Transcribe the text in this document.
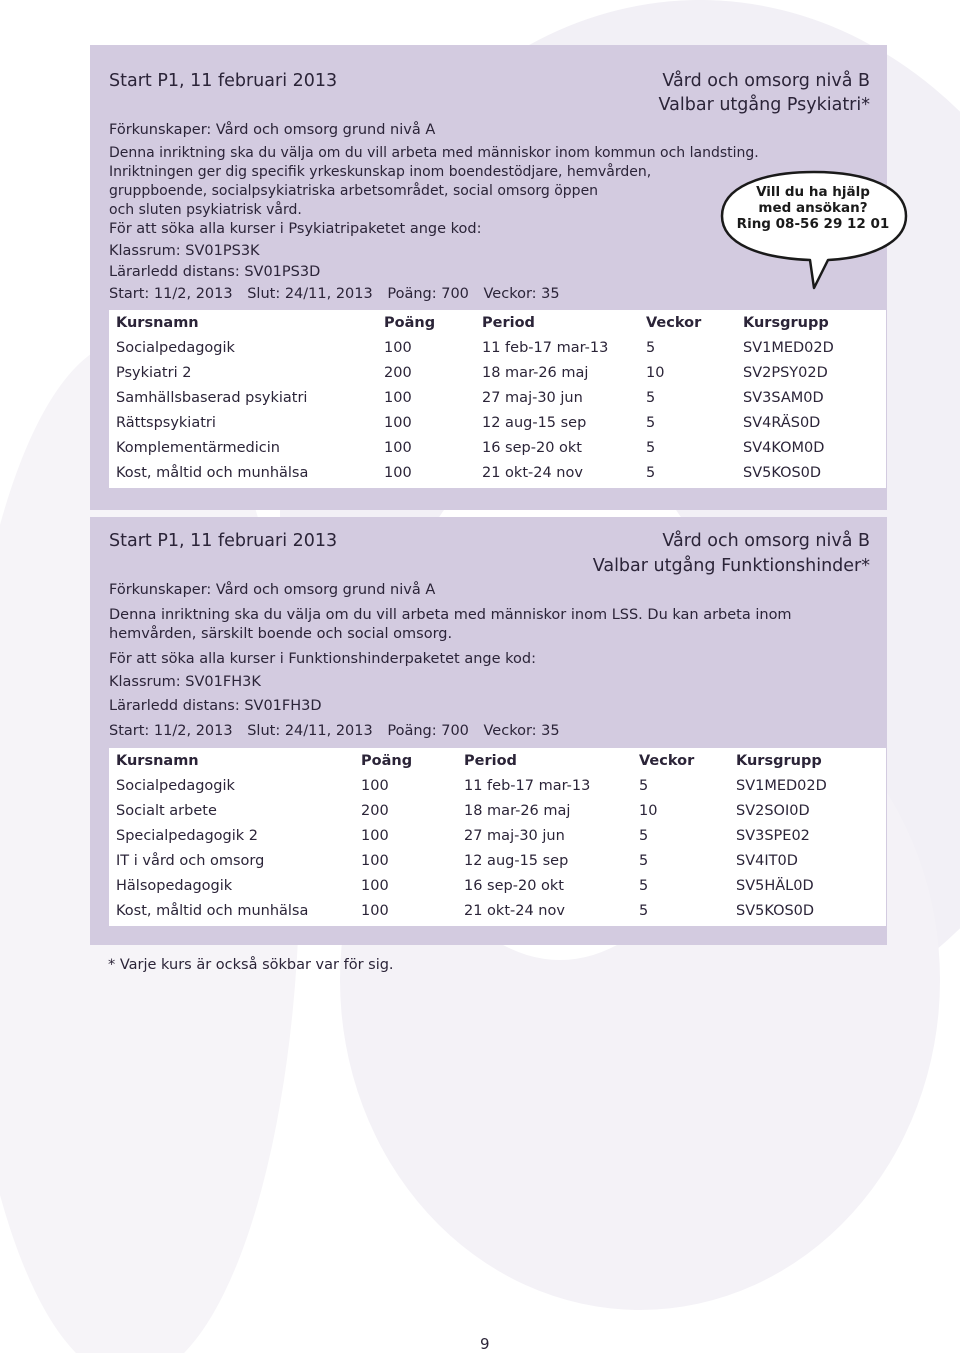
Start P1, 11 februari 2013	Vård och omsorg nivå B
Valbar utgång Psykiatri*
Förkunskaper: Vård och omsorg grund nivå A
Denna inriktning ska du välja om du vill arbeta med människor inom kommun och landsting.
Inriktningen ger dig specifik yrkeskunskap inom boendestödjare, hemvården,
gruppboende, socialpsykiatriska arbetsområdet, social omsorg öppen
och sluten psykiatrisk vård.
För att söka alla kurser i Psykiatripaketet ange kod:
Klassrum: SV01PS3K
Lärarledd distans: SV01PS3D
Start: 11/2, 2013 Slut: 24/11, 2013 Poäng: 700 Veckor: 35
Kursnamn	Poäng	Period	Veckor	Kursgrupp
Socialpedagogik	100	11 feb-17 mar-13	5	SV1MED02D
Psykiatri 2	200	18 mar-26 maj	10	SV2PSY02D
Samhällsbaserad psykiatri	100	27 maj-30 jun	5	SV3SAM0D
Rättspsykiatri	100	12 aug-15 sep	5	SV4RÄS0D
Komplementärmedicin	100	16 sep-20 okt	5	SV4KOM0D
Kost, måltid och munhälsa	100	21 okt-24 nov	5	SV5KOS0D
Vill du ha hjälp
med ansökan?
Ring 08-56 29 12 01
Start P1, 11 februari 2013	Vård och omsorg nivå B
Valbar utgång Funktionshinder*
Förkunskaper: Vård och omsorg grund nivå A
Denna inriktning ska du välja om du vill arbeta med människor inom LSS. Du kan arbeta inom
hemvården, särskilt boende och social omsorg.
För att söka alla kurser i Funktionshinderpaketet ange kod:
Klassrum: SV01FH3K
Lärarledd distans: SV01FH3D
Start: 11/2, 2013 Slut: 24/11, 2013 Poäng: 700 Veckor: 35
Kursnamn	Poäng	Period	Veckor	Kursgrupp
Socialpedagogik	100	11 feb-17 mar-13	5	SV1MED02D
Socialt arbete	200	18 mar-26 maj	10	SV2SOI0D
Specialpedagogik 2	100	27 maj-30 jun	5	SV3SPE02
IT i vård och omsorg	100	12 aug-15 sep	5	SV4IT0D
Hälsopedagogik	100	16 sep-20 okt	5	SV5HÄL0D
Kost, måltid och munhälsa	100	21 okt-24 nov	5	SV5KOS0D
* Varje kurs är också sökbar var för sig.
9
